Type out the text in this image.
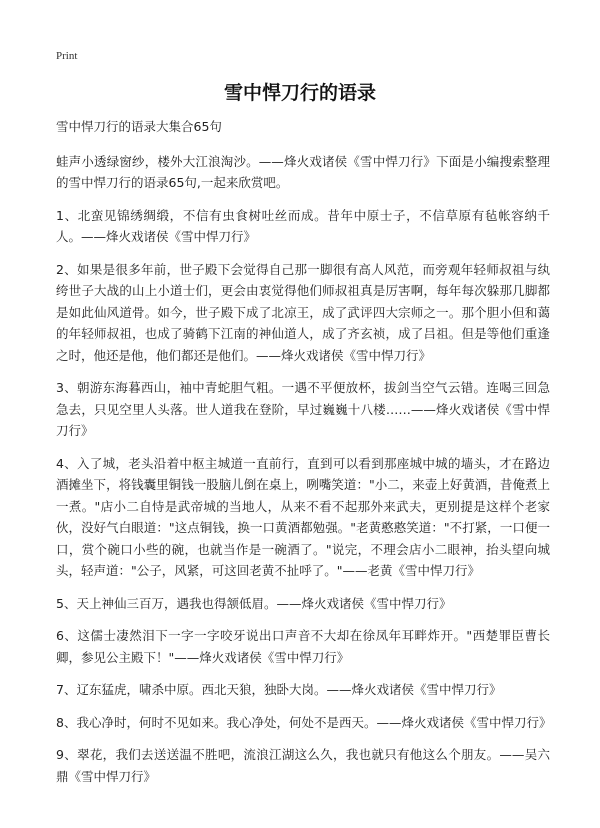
Print
雪中悍刀行的语录

雪中悍刀行的语录大集合65句

蛙声小透绿窗纱，楼外大江浪淘沙。——烽火戏诸侯《雪中悍刀行》下面是小编搜索整理的雪中悍刀行的语录65句,一起来欣赏吧。

1、北蛮见锦绣绸缎，不信有虫食树吐丝而成。昔年中原士子，不信草原有毡帐容纳千人。——烽火戏诸侯《雪中悍刀行》

2、如果是很多年前，世子殿下会觉得自己那一脚很有高人风范，而旁观年轻师叔祖与纨绔世子大战的山上小道士们，更会由衷觉得他们师叔祖真是厉害啊，每年每次躲那几脚都是如此仙风道骨。如今，世子殿下成了北凉王，成了武评四大宗师之一。那个胆小但和蔼的年轻师叔祖，也成了骑鹤下江南的神仙道人，成了齐玄祯，成了吕祖。但是等他们重逢之时，他还是他，他们都还是他们。——烽火戏诸侯《雪中悍刀行》

3、朝游东海暮西山，袖中青蛇胆气粗。一遇不平便放杯，拔剑当空气云错。连喝三回急急去，只见空里人头落。世人道我在登阶，早过巍巍十八楼……——烽火戏诸侯《雪中悍刀行》

4、入了城，老头沿着中枢主城道一直前行，直到可以看到那座城中城的墙头，才在路边酒摊坐下，将钱囊里铜钱一股脑儿倒在桌上，咧嘴笑道："小二，来壶上好黄酒，昔俺煮上一煮。"店小二自恃是武帝城的当地人，从来不看不起那外来武夫，更别提是这样个老家伙，没好气白眼道："这点铜钱，换一口黄酒都勉强。"老黄憨憨笑道："不打紧，一口便一口，赏个碗口小些的碗，也就当作是一碗酒了。"说完，不理会店小二眼神，抬头望向城头，轻声道："公子，风紧，可这回老黄不扯呼了。"——老黄《雪中悍刀行》

5、天上神仙三百万，遇我也得颔低眉。——烽火戏诸侯《雪中悍刀行》

6、这儒士凄然泪下一字一字咬牙说出口声音不大却在徐凤年耳畔炸开。"西楚罪臣曹长卿，参见公主殿下！"——烽火戏诸侯《雪中悍刀行》

7、辽东猛虎，啸杀中原。西北天狼，独卧大岗。——烽火戏诸侯《雪中悍刀行》

8、我心净时，何时不见如来。我心净处，何处不是西天。——烽火戏诸侯《雪中悍刀行》

9、翠花，我们去送送温不胜吧，流浪江湖这么久，我也就只有他这么个朋友。——吴六鼎《雪中悍刀行》
